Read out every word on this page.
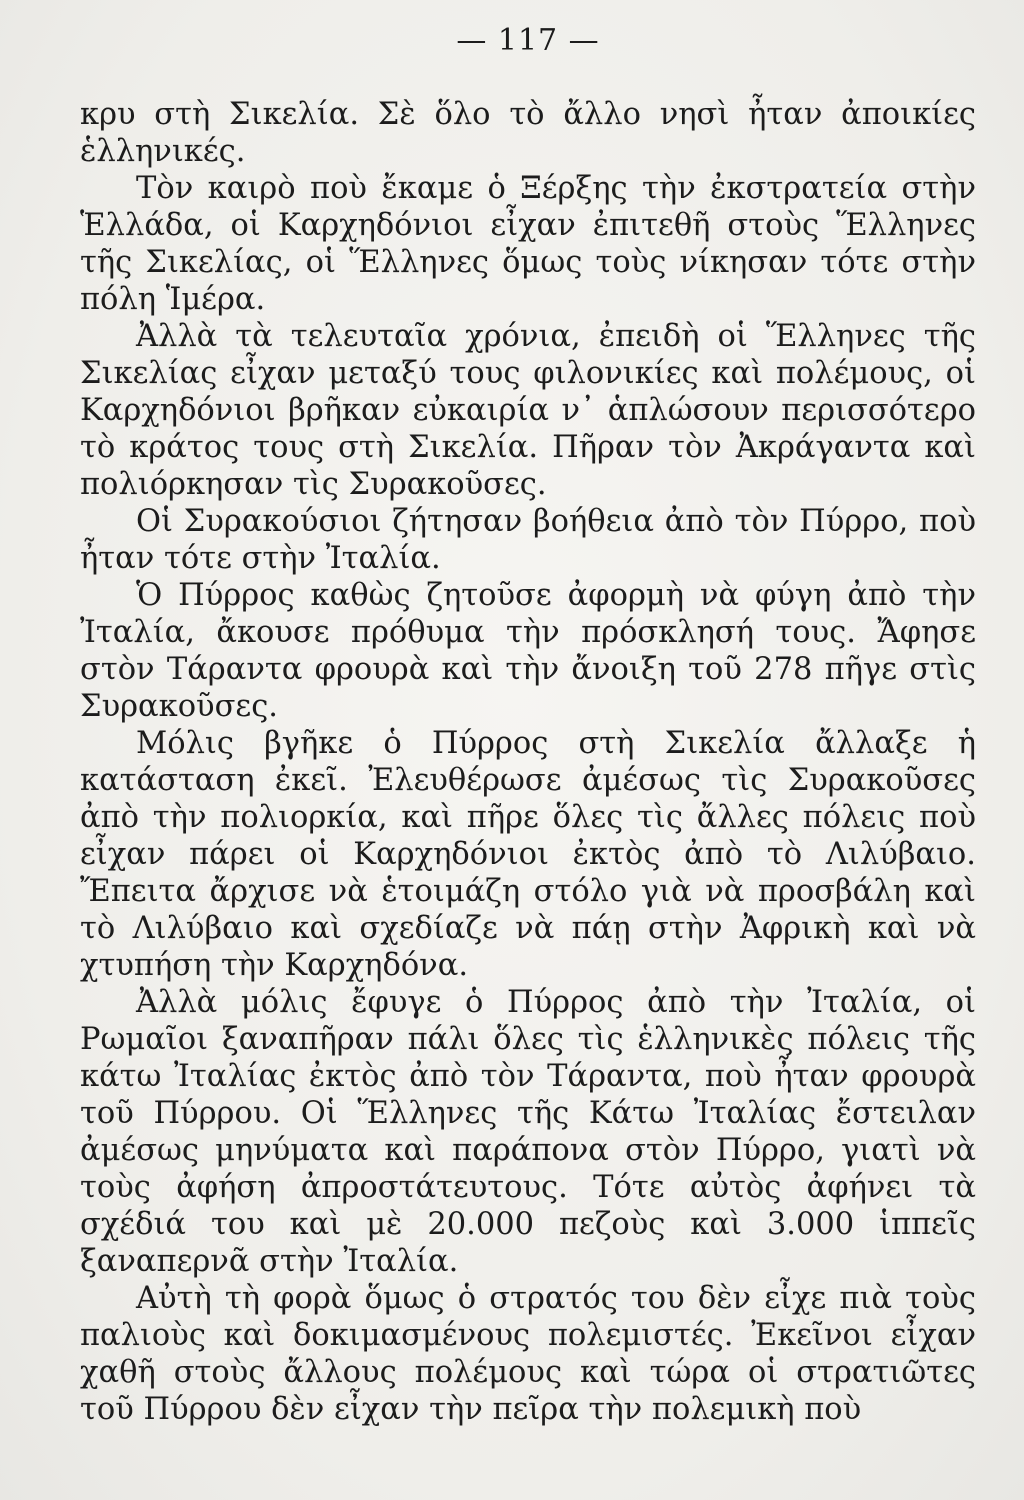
— 117 —

κρυ στὴ Σικελία. Σὲ ὅλο τὸ ἄλλο νησὶ ἦταν ἀποικίες ἑλληνικές.

Τὸν καιρὸ ποὺ ἔκαμε ὁ Ξέρξης τὴν ἐκστρατεία στὴν Ἑλλάδα, οἱ Καρχηδόνιοι εἶχαν ἐπιτεθῆ στοὺς Ἕλληνες τῆς Σικελίας, οἱ Ἕλληνες ὅμως τοὺς νίκησαν τότε στὴν πόλη Ἱμέρα.

Ἀλλὰ τὰ τελευταῖα χρόνια, ἐπειδὴ οἱ Ἕλληνες τῆς Σικελίας εἶχαν μεταξύ τους φιλονικίες καὶ πολέμους, οἱ Καρχηδόνιοι βρῆκαν εὐκαιρία ν᾽ ἁπλώσουν περισσότερο τὸ κράτος τους στὴ Σικελία. Πῆραν τὸν Ἀκράγαντα καὶ πολιόρκησαν τὶς Συρακοῦσες.

Οἱ Συρακούσιοι ζήτησαν βοήθεια ἀπὸ τὸν Πύρρο, ποὺ ἦταν τότε στὴν Ἰταλία.

Ὁ Πύρρος καθὼς ζητοῦσε ἀφορμὴ νὰ φύγη ἀπὸ τὴν Ἰταλία, ἄκουσε πρόθυμα τὴν πρόσκλησή τους. Ἄφησε στὸν Τάραντα φρουρὰ καὶ τὴν ἄνοιξη τοῦ 278 πῆγε στὶς Συρακοῦσες.

Μόλις βγῆκε ὁ Πύρρος στὴ Σικελία ἄλλαξε ἡ κατάσταση ἐκεῖ. Ἐλευθέρωσε ἀμέσως τὶς Συρακοῦσες ἀπὸ τὴν πολιορκία, καὶ πῆρε ὅλες τὶς ἄλλες πόλεις ποὺ εἶχαν πάρει οἱ Καρχηδόνιοι ἐκτὸς ἀπὸ τὸ Λιλύβαιο. Ἔπειτα ἄρχισε νὰ ἑτοιμάζη στόλο γιὰ νὰ προσβάλη καὶ τὸ Λιλύβαιο καὶ σχεδίαζε νὰ πάῃ στὴν Ἀφρικὴ καὶ νὰ χτυπήση τὴν Καρχηδόνα.

Ἀλλὰ μόλις ἔφυγε ὁ Πύρρος ἀπὸ τὴν Ἰταλία, οἱ Ρωμαῖοι ξαναπῆραν πάλι ὅλες τὶς ἑλληνικὲς πόλεις τῆς κάτω Ἰταλίας ἐκτὸς ἀπὸ τὸν Τάραντα, ποὺ ἦταν φρουρὰ τοῦ Πύρρου. Οἱ Ἕλληνες τῆς Κάτω Ἰταλίας ἔστειλαν ἀμέσως μηνύματα καὶ παράπονα στὸν Πύρρο, γιατὶ νὰ τοὺς ἀφήση ἀπροστάτευτους. Τότε αὐτὸς ἀφήνει τὰ σχέδιά του καὶ μὲ 20.000 πεζοὺς καὶ 3.000 ἱππεῖς ξαναπερνᾶ στὴν Ἰταλία.

Αὐτὴ τὴ φορὰ ὅμως ὁ στρατός του δὲν εἶχε πιὰ τοὺς παλιοὺς καὶ δοκιμασμένους πολεμιστές. Ἐκεῖνοι εἶχαν χαθῆ στοὺς ἄλλους πολέμους καὶ τώρα οἱ στρατιῶτες τοῦ Πύρρου δὲν εἶχαν τὴν πεῖρα τὴν πολεμικὴ ποὺ
